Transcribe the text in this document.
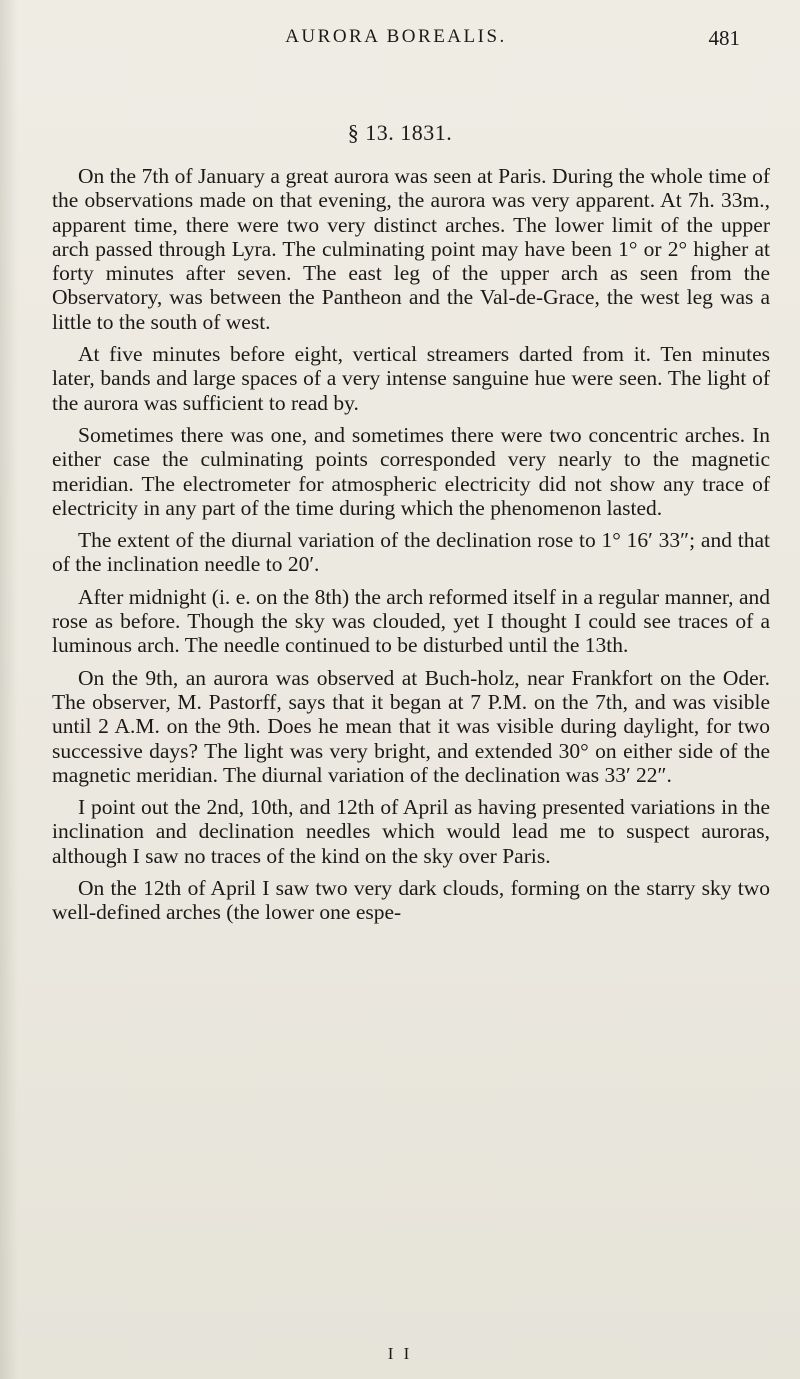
AURORA BOREALIS.	481
§ 13. 1831.

On the 7th of January a great aurora was seen at Paris. During the whole time of the observations made on that evening, the aurora was very apparent. At 7h. 33m., apparent time, there were two very distinct arches. The lower limit of the upper arch passed through Lyra. The culminating point may have been 1° or 2° higher at forty minutes after seven. The east leg of the upper arch as seen from the Observatory, was between the Pantheon and the Val-de-Grace, the west leg was a little to the south of west.

At five minutes before eight, vertical streamers darted from it. Ten minutes later, bands and large spaces of a very intense sanguine hue were seen. The light of the aurora was sufficient to read by.

Sometimes there was one, and sometimes there were two concentric arches. In either case the culminating points corresponded very nearly to the magnetic meridian. The electrometer for atmospheric electricity did not show any trace of electricity in any part of the time during which the phenomenon lasted.

The extent of the diurnal variation of the declination rose to 1° 16′ 33″; and that of the inclination needle to 20′.

After midnight (i. e. on the 8th) the arch reformed itself in a regular manner, and rose as before. Though the sky was clouded, yet I thought I could see traces of a luminous arch. The needle continued to be disturbed until the 13th.

On the 9th, an aurora was observed at Buch-holz, near Frankfort on the Oder. The observer, M. Pastorff, says that it began at 7 P.M. on the 7th, and was visible until 2 A.M. on the 9th. Does he mean that it was visible during daylight, for two successive days? The light was very bright, and extended 30° on either side of the magnetic meridian. The diurnal variation of the declination was 33′ 22″.

I point out the 2nd, 10th, and 12th of April as having presented variations in the inclination and declination needles which would lead me to suspect auroras, although I saw no traces of the kind on the sky over Paris.

On the 12th of April I saw two very dark clouds, forming on the starry sky two well-defined arches (the lower one espe-

I I
